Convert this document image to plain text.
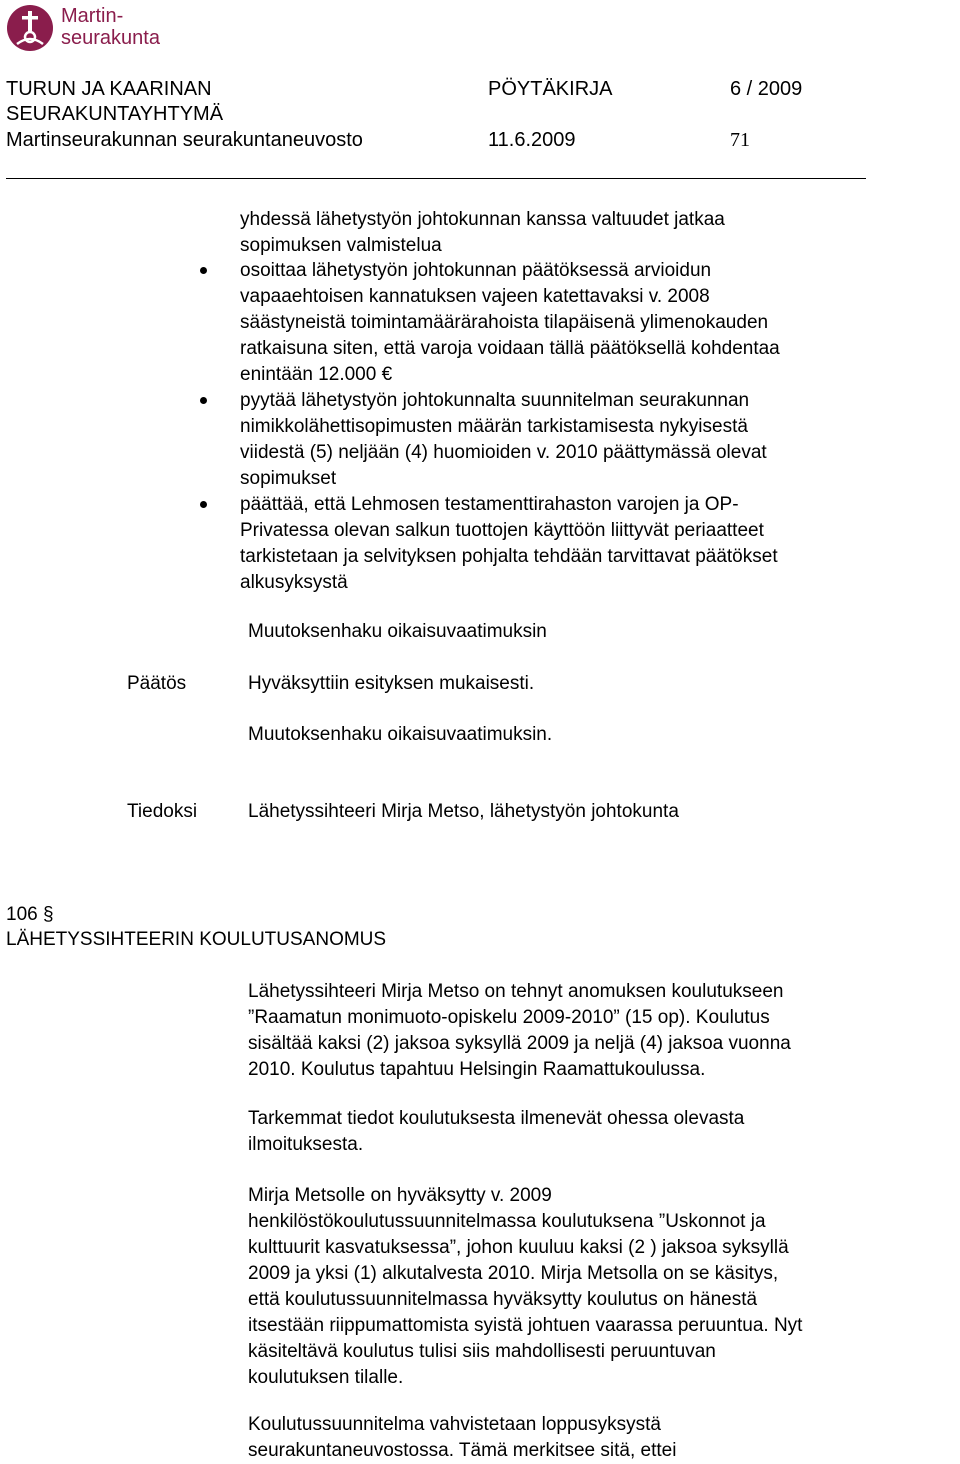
Martin-
seurakunta
TURUN JA KAARINAN
SEURAKUNTAYHTYMÄ
Martinseurakunnan seurakuntaneuvosto
PÖYTÄKIRJA
11.6.2009
6 / 2009
71
yhdessä lähetystyön johtokunnan kanssa valtuudet jatkaa
sopimuksen valmistelua
osoittaa lähetystyön johtokunnan päätöksessä arvioidun
vapaaehtoisen kannatuksen vajeen katettavaksi v. 2008
säästyneistä toimintamäärärahoista tilapäisenä ylimenokauden
ratkaisuna siten, että varoja voidaan tällä päätöksellä kohdentaa
enintään 12.000 €
pyytää lähetystyön johtokunnalta suunnitelman seurakunnan
nimikkolähettisopimusten määrän tarkistamisesta nykyisestä
viidestä (5) neljään (4) huomioiden v. 2010 päättymässä olevat
sopimukset
päättää, että Lehmosen testamenttirahaston varojen ja OP-
Privatessa olevan salkun tuottojen käyttöön liittyvät periaatteet
tarkistetaan ja selvityksen pohjalta tehdään tarvittavat päätökset
alkusyksystä
Muutoksenhaku oikaisuvaatimuksin
Päätös	Hyväksyttiin esityksen mukaisesti.
Muutoksenhaku oikaisuvaatimuksin.
Tiedoksi	Lähetyssihteeri Mirja Metso, lähetystyön johtokunta
106 §
LÄHETYSSIHTEERIN KOULUTUSANOMUS
Lähetyssihteeri Mirja Metso on tehnyt anomuksen koulutukseen
”Raamatun monimuoto-opiskelu 2009-2010” (15 op). Koulutus
sisältää kaksi (2) jaksoa syksyllä 2009 ja neljä (4) jaksoa vuonna
2010. Koulutus tapahtuu Helsingin Raamattukoulussa.
Tarkemmat tiedot koulutuksesta ilmenevät ohessa olevasta
ilmoituksesta.
Mirja Metsolle on hyväksytty v. 2009
henkilöstökoulutussuunnitelmassa koulutuksena ”Uskonnot ja
kulttuurit kasvatuksessa”, johon kuuluu kaksi (2 ) jaksoa syksyllä
2009 ja yksi (1) alkutalvesta 2010. Mirja Metsolla on se käsitys,
että koulutussuunnitelmassa hyväksytty koulutus on hänestä
itsestään riippumattomista syistä johtuen vaarassa peruuntua. Nyt
käsiteltävä koulutus tulisi siis mahdollisesti peruuntuvan
koulutuksen tilalle.
Koulutussuunnitelma vahvistetaan loppusyksystä
seurakuntaneuvostossa. Tämä merkitsee sitä, ettei
